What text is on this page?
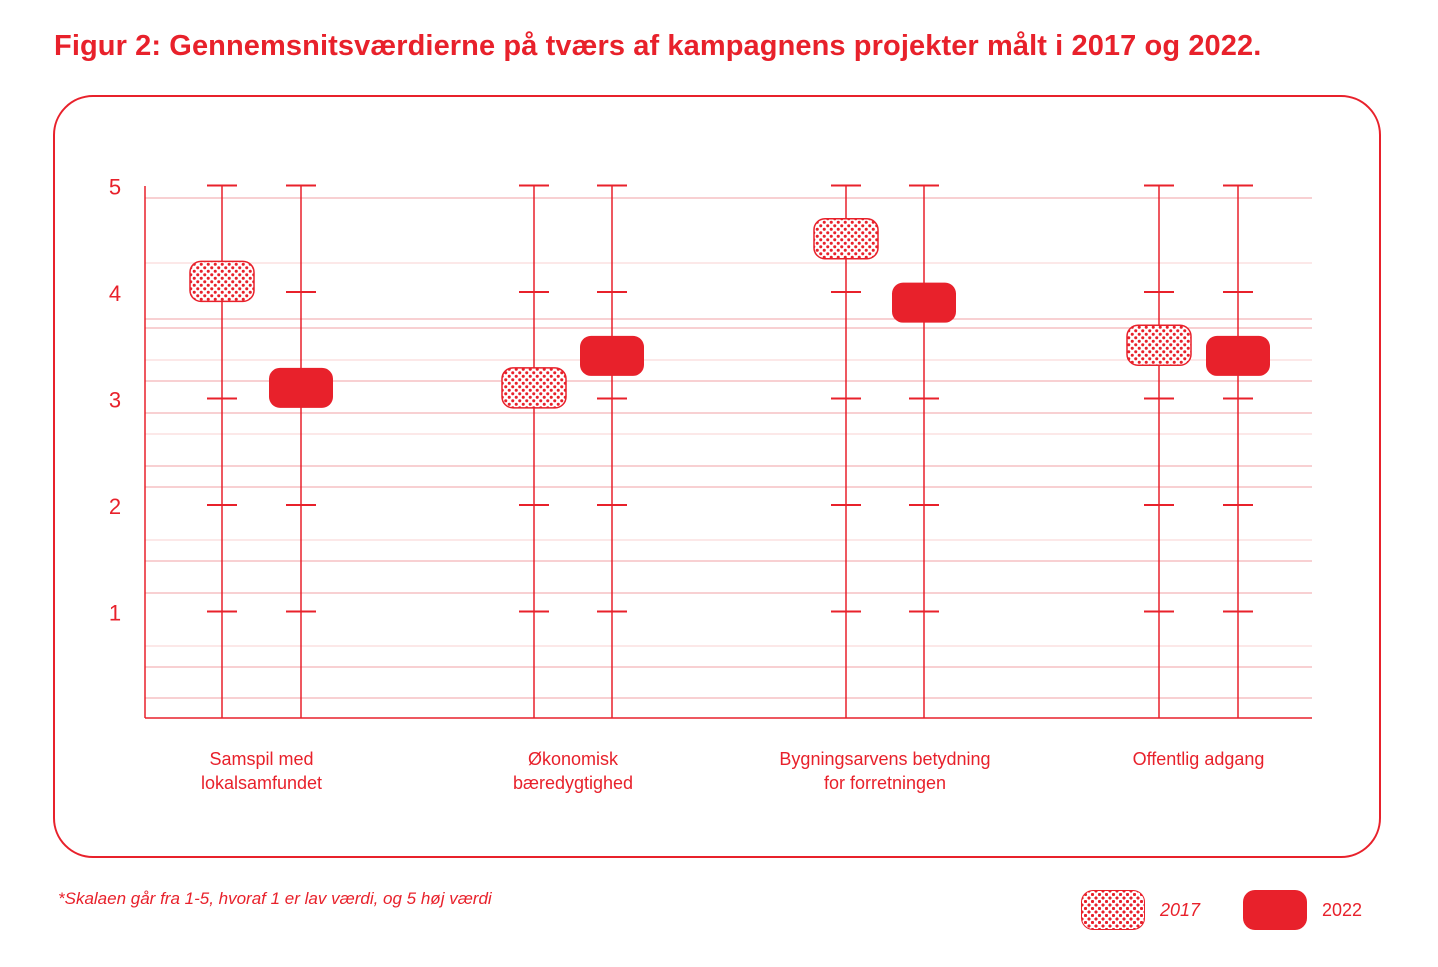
Figur 2: Gennemsnitsværdierne på tværs af kampagnens projekter målt i 2017 og 2022.
1
2
3
4
5
Samspil med
lokalsamfundet
Økonomisk
bæredygtighed
Bygningsarvens betydning
for forretningen
Offentlig adgang
*Skalaen går fra 1-5, hvoraf 1 er lav værdi, og 5 høj værdi
2017	2022
